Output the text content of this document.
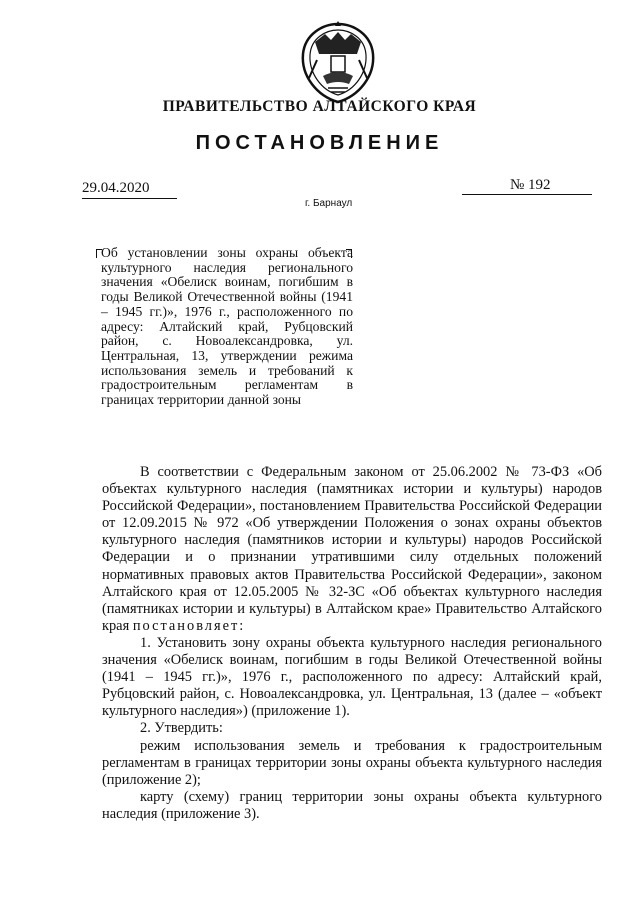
ПРАВИТЕЛЬСТВО АЛТАЙСКОГО КРАЯ
ПОСТАНОВЛЕНИЕ
29.04.2020	№ 192
г. Барнаул
Об установлении зоны охраны объекта культурного наследия регионального значения «Обелиск воинам, погибшим в годы Великой Отечественной войны (1941 – 1945 гг.)», 1976 г., расположенного по адресу: Алтайский край, Рубцовский район, с. Новоалександровка, ул. Центральная, 13, утверждении режима использования земель и требований к градостроительным регламентам в границах территории данной зоны

В соответствии с Федеральным законом от 25.06.2002 № 73-ФЗ «Об объектах культурного наследия (памятниках истории и культуры) народов Российской Федерации», постановлением Правительства Российской Федерации от 12.09.2015 № 972 «Об утверждении Положения о зонах охраны объектов культурного наследия (памятников истории и культуры) народов Российской Федерации и о признании утратившими силу отдельных положений нормативных правовых актов Правительства Российской Федерации», законом Алтайского края от 12.05.2005 № 32-ЗС «Об объектах культурного наследия (памятниках истории и культуры) в Алтайском крае» Правительство Алтайского края постановляет:

1. Установить зону охраны объекта культурного наследия регионального значения «Обелиск воинам, погибшим в годы Великой Отечественной войны (1941 – 1945 гг.)», 1976 г., расположенного по адресу: Алтайский край, Рубцовский район, с. Новоалександровка, ул. Центральная, 13 (далее – «объект культурного наследия») (приложение 1).

2. Утвердить:

режим использования земель и требования к градостроительным регламентам в границах территории зоны охраны объекта культурного наследия (приложение 2);

карту (схему) границ территории зоны охраны объекта культурного наследия (приложение 3).
